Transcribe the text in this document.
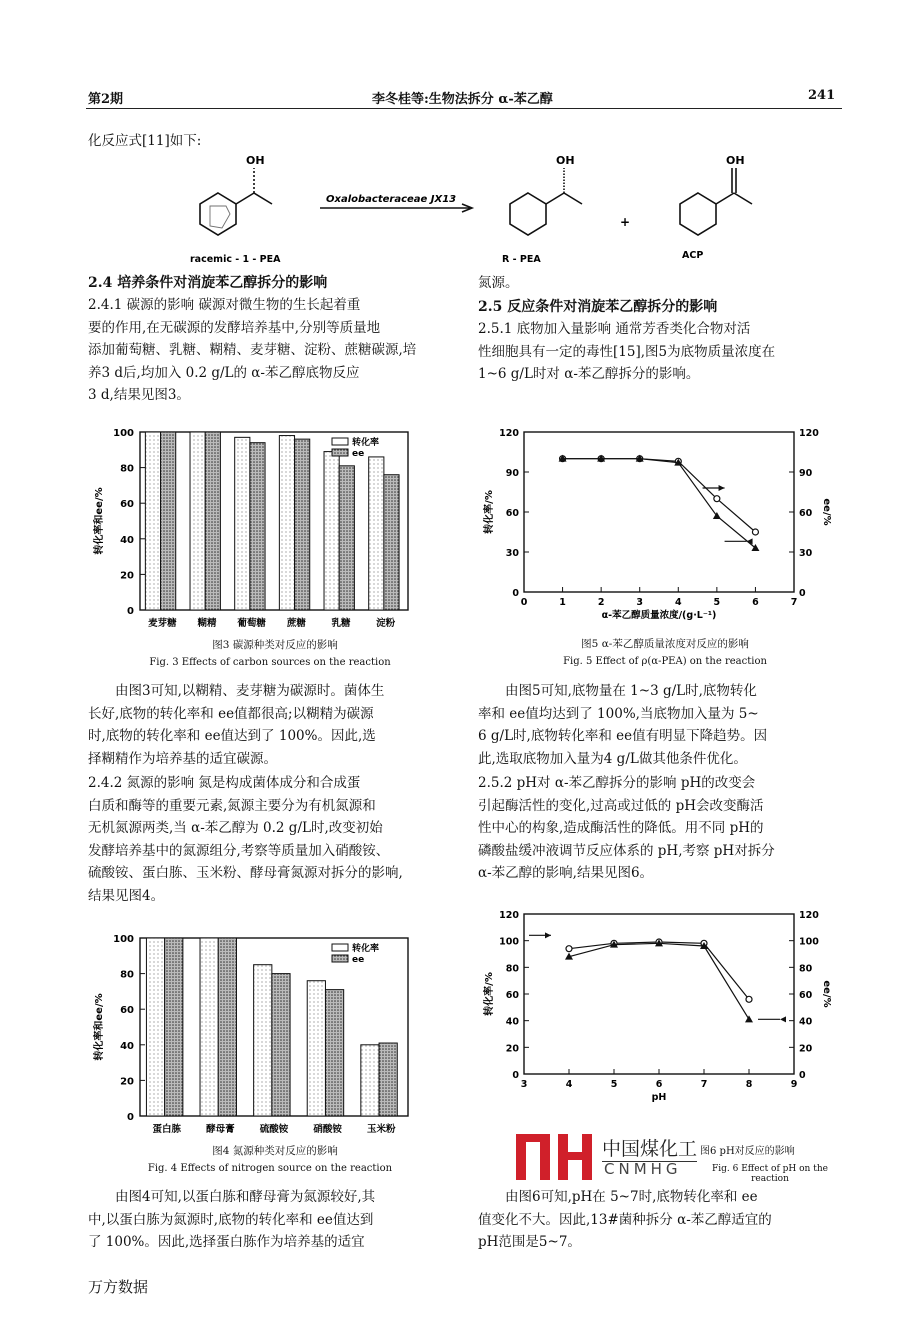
第2期	李冬桂等:生物法拆分 α-苯乙醇	241
化反应式[11]如下:
OH	OH	OH
Oxalobacteraceae JX13
+
racemic - 1 - PEA	R - PEA	ACP
2.4 培养条件对消旋苯乙醇拆分的影响
2.4.1 碳源的影响 碳源对微生物的生长起着重
要的作用,在无碳源的发酵培养基中,分别等质量地
添加葡萄糖、乳糖、糊精、麦芽糖、淀粉、蔗糖碳源,培
养3 d后,均加入 0.2 g/L的 α-苯乙醇底物反应
3 d,结果见图3。
0
20
40
60
80
100
转化率和ee/%
麦芽糖 糊精 葡萄糖 蔗糖	乳糖	淀粉
转化率
ee
图3 碳源种类对反应的影响
Fig. 3 Effects of carbon sources on the reaction
由图3可知,以糊精、麦芽糖为碳源时。菌体生
长好,底物的转化率和 ee值都很高;以糊精为碳源
时,底物的转化率和 ee值达到了 100%。因此,选
择糊精作为培养基的适宜碳源。
2.4.2 氮源的影响 氮是构成菌体成分和合成蛋
白质和酶等的重要元素,氮源主要分为有机氮源和
无机氮源两类,当 α-苯乙醇为 0.2 g/L时,改变初始
发酵培养基中的氮源组分,考察等质量加入硝酸铵、
硫酸铵、蛋白胨、玉米粉、酵母膏氮源对拆分的影响,
结果见图4。
0
20
40
60
80
100
转化率和ee/%
蛋白胨	酵母膏	硫酸铵	硝酸铵	玉米粉
转化率
ee
图4 氮源种类对反应的影响
Fig. 4 Effects of nitrogen source on the reaction
由图4可知,以蛋白胨和酵母膏为氮源较好,其
中,以蛋白胨为氮源时,底物的转化率和 ee值达到
了 100%。因此,选择蛋白胨作为培养基的适宜
氮源。
2.5 反应条件对消旋苯乙醇拆分的影响
2.5.1 底物加入量影响 通常芳香类化合物对活
性细胞具有一定的毒性[15],图5为底物质量浓度在
1~6 g/L时对 α-苯乙醇拆分的影响。
0	0
30	30
60	60
90	90
120	120
0	1	2	3	4	5	6	7
α-苯乙醇质量浓度/(g·L⁻¹)
转化率/%	ee/%
图5 α-苯乙醇质量浓度对反应的影响
Fig. 5 Effect of ρ(α-PEA) on the reaction
由图5可知,底物量在 1~3 g/L时,底物转化
率和 ee值均达到了 100%,当底物加入量为 5~
6 g/L时,底物转化率和 ee值有明显下降趋势。因
此,选取底物加入量为4 g/L做其他条件优化。
2.5.2 pH对 α-苯乙醇拆分的影响 pH的改变会
引起酶活性的变化,过高或过低的 pH会改变酶活
性中心的构象,造成酶活性的降低。用不同 pH的
磷酸盐缓冲液调节反应体系的 pH,考察 pH对拆分
α-苯乙醇的影响,结果见图6。
0	0
20	20
40	40
60	60
80	80
100	100
120	120
3	4	5	6	7	8	9
pH
转化率/%	ee/%
中国煤化工
CNMHG
图6 pH对反应的影响
Fig. 6 Effect of pH on the reaction
由图6可知,pH在 5~7时,底物转化率和 ee
值变化不大。因此,13#菌种拆分 α-苯乙醇适宜的
pH范围是5~7。
万方数据
